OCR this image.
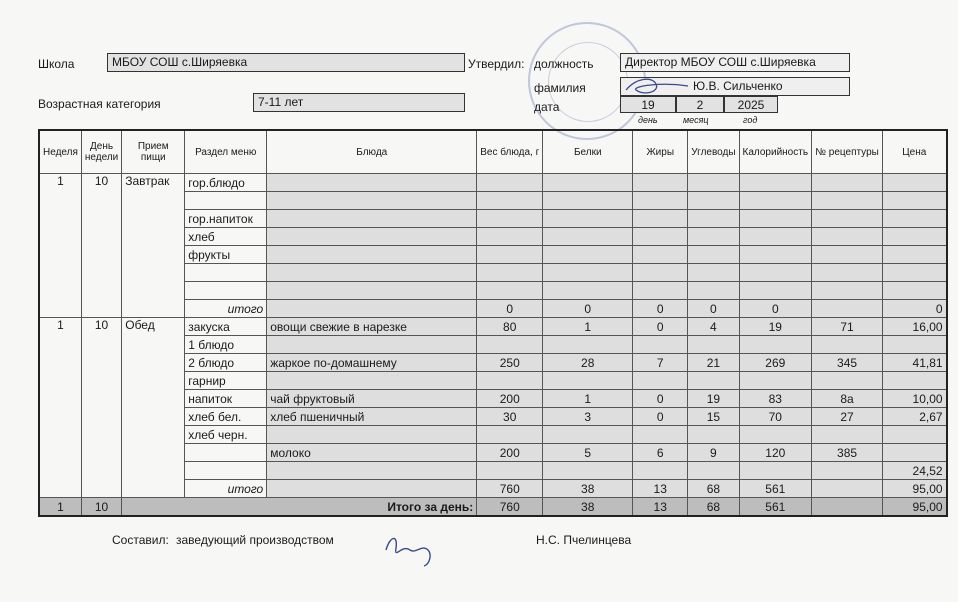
Школа	МБОУ СОШ с.Ширяевка
Возрастная категория	7-11 лет
Утвердил: должность	Директор МБОУ СОШ с.Ширяевка
фамилия	Ю.В. Сильченко
дата	19	2	2025
день	месяц	год
Неделя	День недели	Прием пищи	Раздел меню	Блюда	Вес блюда, г	Белки	Жиры	Углеводы	Калорийность	№ рецептуры	Цена
1	10	Завтрак	гор.блюдо								

			гор.напиток								
			хлеб								
			фрукты								

			итого		0	0	0	0	0		0
1	10	Обед	закуска	овощи свежие в нарезке	80	1	0	4	19	71	16,00
			1 блюдо								
			2 блюдо	жаркое по-домашнему	250	28	7	21	269	345	41,81
			гарнир								
			напиток	чай фруктовый	200	1	0	19	83	8а	10,00
			хлеб бел.	хлеб пшеничный	30	3	0	15	70	27	2,67
			хлеб черн.								
				молоко	200	5	6	9	120	385	
											24,52
			итого		760	38	13	68	561		95,00
1	10	Итого за день:			760	38	13	68	561		95,00
Составил: заведующий производством	Н.С. Пчелинцева
